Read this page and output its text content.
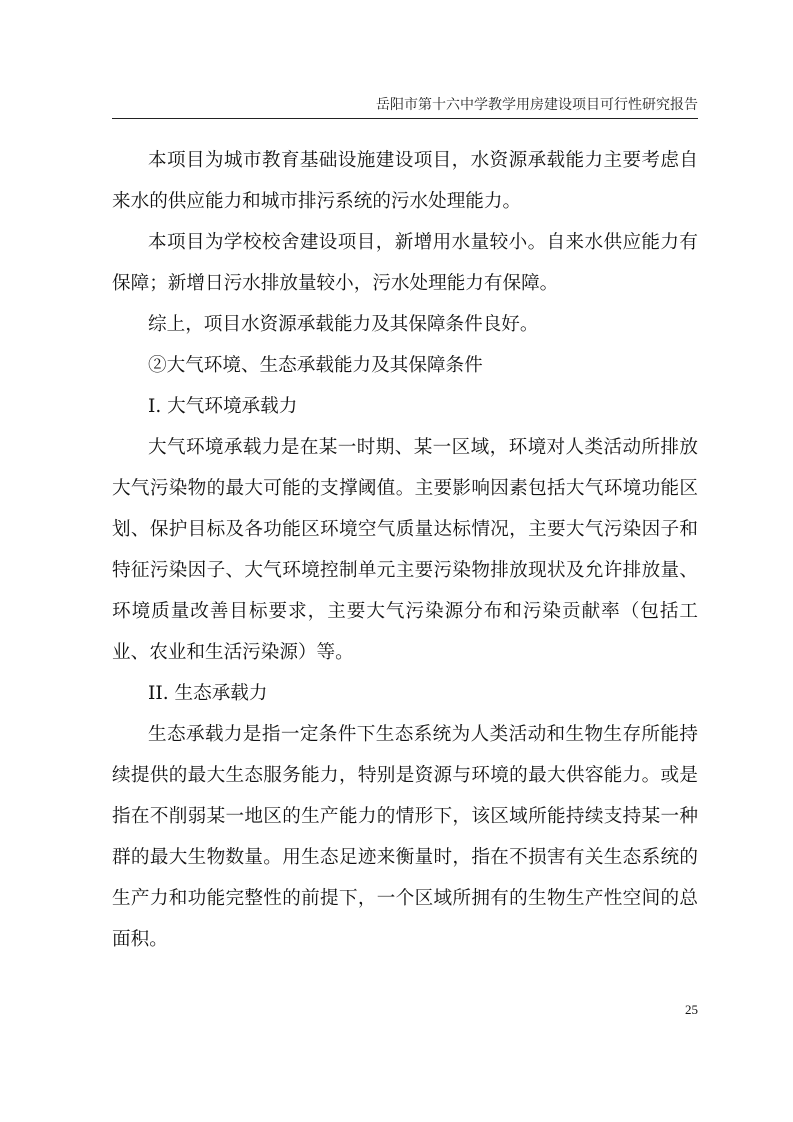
岳阳市第十六中学教学用房建设项目可行性研究报告
本项目为城市教育基础设施建设项目，水资源承载能力主要考虑自
来水的供应能力和城市排污系统的污水处理能力。
本项目为学校校舍建设项目，新增用水量较小。自来水供应能力有
保障；新增日污水排放量较小，污水处理能力有保障。
综上，项目水资源承载能力及其保障条件良好。
②大气环境、生态承载能力及其保障条件
I. 大气环境承载力
大气环境承载力是在某一时期、某一区域，环境对人类活动所排放
大气污染物的最大可能的支撑阈值。主要影响因素包括大气环境功能区
划、保护目标及各功能区环境空气质量达标情况，主要大气污染因子和
特征污染因子、大气环境控制单元主要污染物排放现状及允许排放量、
环境质量改善目标要求，主要大气污染源分布和污染贡献率（包括工
业、农业和生活污染源）等。
II. 生态承载力
生态承载力是指一定条件下生态系统为人类活动和生物生存所能持
续提供的最大生态服务能力，特别是资源与环境的最大供容能力。或是
指在不削弱某一地区的生产能力的情形下，该区域所能持续支持某一种
群的最大生物数量。用生态足迹来衡量时，指在不损害有关生态系统的
生产力和功能完整性的前提下，一个区域所拥有的生物生产性空间的总
面积。
25
